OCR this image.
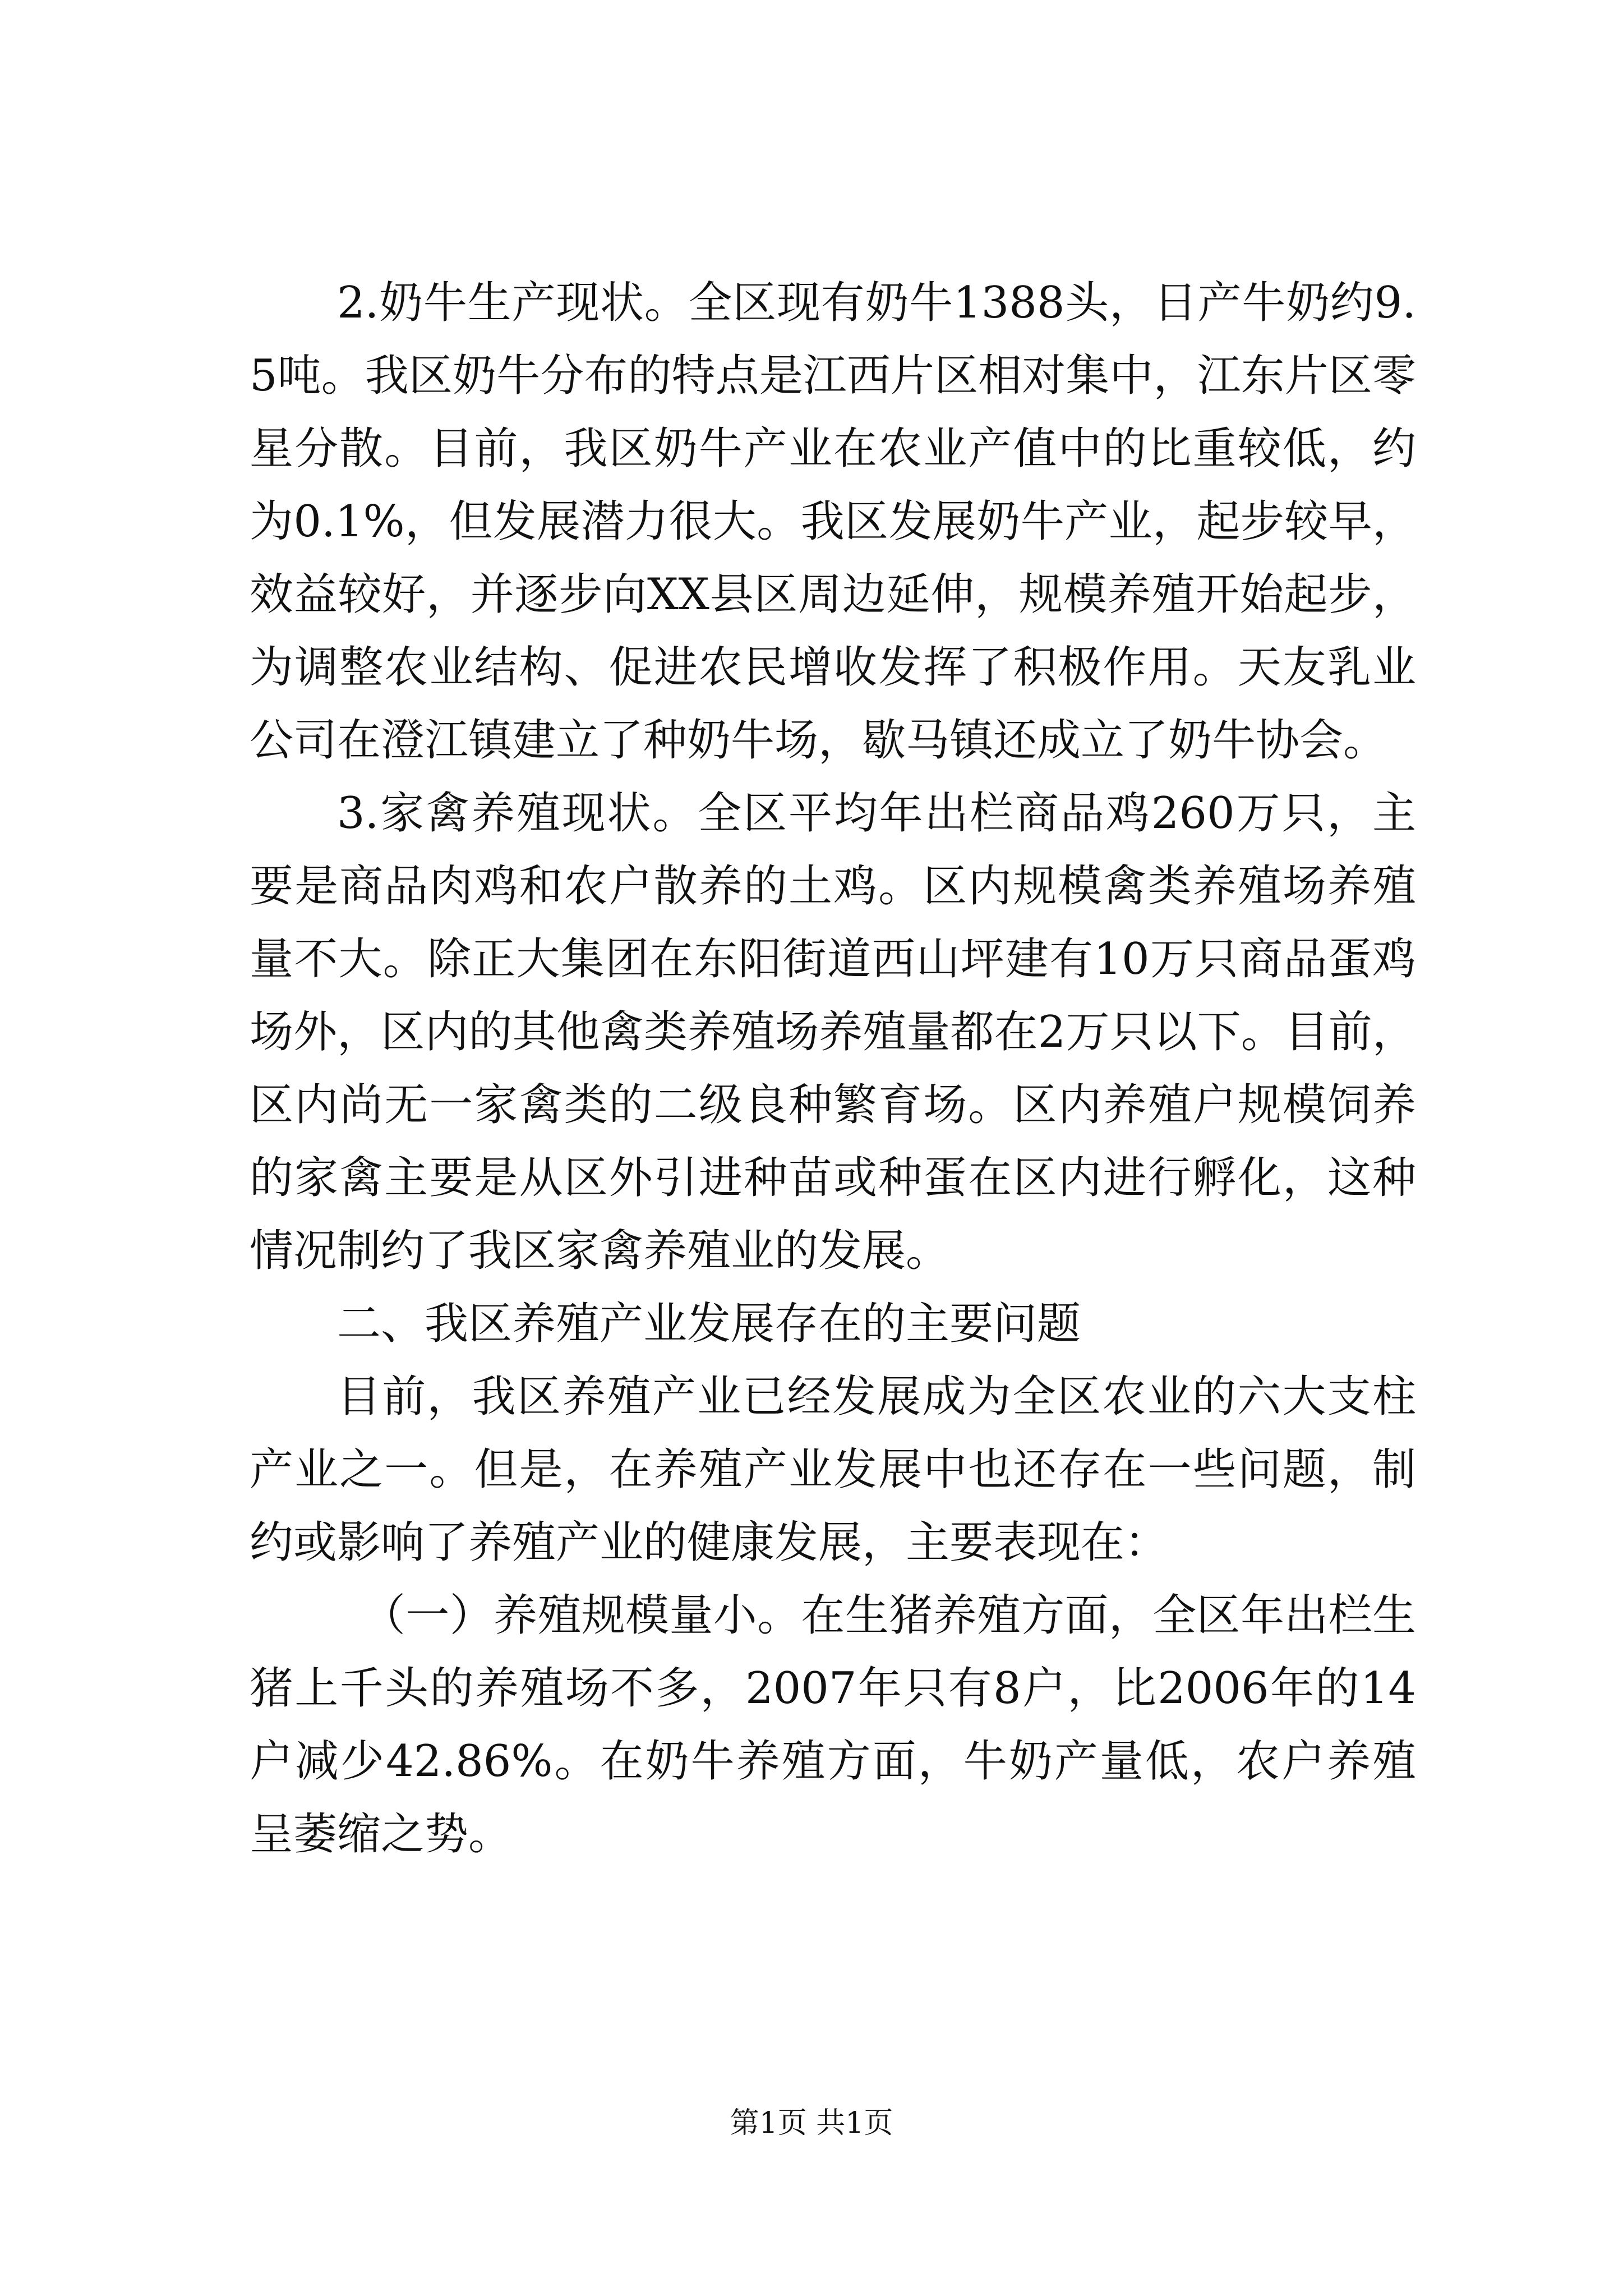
2.奶牛生产现状。全区现有奶牛1388头，日产牛奶约9.5吨。我区奶牛分布的特点是江西片区相对集中，江东片区零星分散。目前，我区奶牛产业在农业产值中的比重较低，约为0.1%，但发展潜力很大。我区发展奶牛产业，起步较早，效益较好，并逐步向XX县区周边延伸，规模养殖开始起步，为调整农业结构、促进农民增收发挥了积极作用。天友乳业公司在澄江镇建立了种奶牛场，歇马镇还成立了奶牛协会。

3.家禽养殖现状。全区平均年出栏商品鸡260万只，主要是商品肉鸡和农户散养的土鸡。区内规模禽类养殖场养殖量不大。除正大集团在东阳街道西山坪建有10万只商品蛋鸡场外，区内的其他禽类养殖场养殖量都在2万只以下。目前，区内尚无一家禽类的二级良种繁育场。区内养殖户规模饲养的家禽主要是从区外引进种苗或种蛋在区内进行孵化，这种情况制约了我区家禽养殖业的发展。

二、我区养殖产业发展存在的主要问题

目前，我区养殖产业已经发展成为全区农业的六大支柱产业之一。但是，在养殖产业发展中也还存在一些问题，制约或影响了养殖产业的健康发展，主要表现在：

（一）养殖规模量小。在生猪养殖方面，全区年出栏生猪上千头的养殖场不多，2007年只有8户，比2006年的14户减少42.86%。在奶牛养殖方面，牛奶产量低，农户养殖呈萎缩之势。

第1页 共1页
